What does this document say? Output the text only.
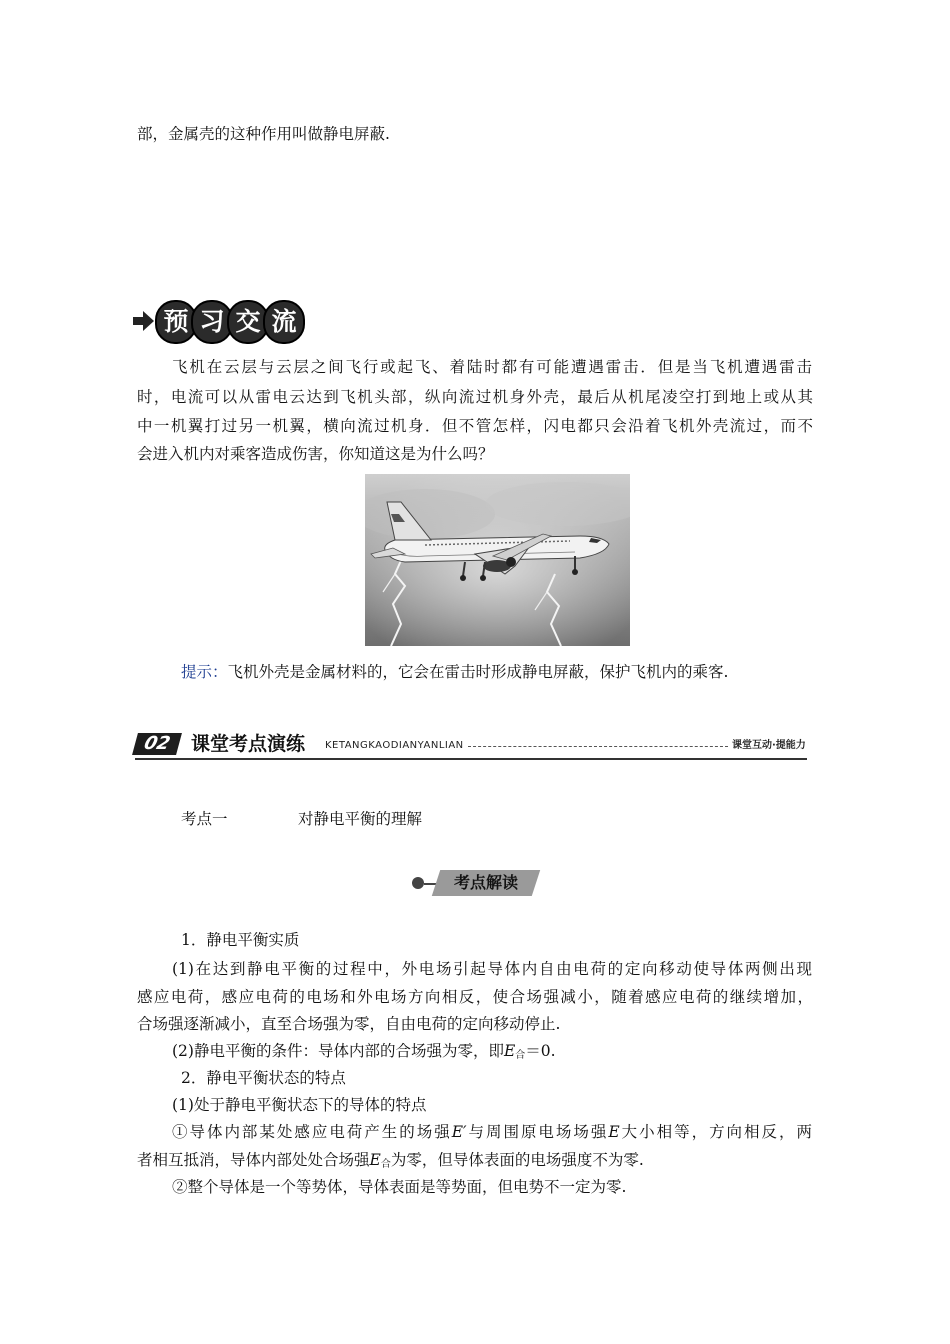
部，金属壳的这种作用叫做静电屏蔽.
预 习 交 流
飞机在云层与云层之间飞行或起飞、着陆时都有可能遭遇雷击．但是当飞机遭遇雷击
时，电流可以从雷电云达到飞机头部，纵向流过机身外壳，最后从机尾凌空打到地上或从其
中一机翼打过另一机翼，横向流过机身．但不管怎样，闪电都只会沿着飞机外壳流过，而不
会进入机内对乘客造成伤害，你知道这是为什么吗？
提示：飞机外壳是金属材料的，它会在雷击时形成静电屏蔽，保护飞机内的乘客.
02 课堂考点演练 KETANGKAODIANYANLIAN	课堂互动·提能力
考点一	对静电平衡的理解
考点解读
1．静电平衡实质
(1)在达到静电平衡的过程中，外电场引起导体内自由电荷的定向移动使导体两侧出现
感应电荷，感应电荷的电场和外电场方向相反，使合场强减小，随着感应电荷的继续增加，
合场强逐渐减小，直至合场强为零，自由电荷的定向移动停止.
(2)静电平衡的条件：导体内部的合场强为零，即$E_合=0$.
2．静电平衡状态的特点
(1)处于静电平衡状态下的导体的特点
①导体内部某处感应电荷产生的场强E′与周围原电场场强E大小相等，方向相反，两
者相互抵消，导体内部处处合场强$E_合$为零，但导体表面的电场强度不为零.
②整个导体是一个等势体，导体表面是等势面，但电势不一定为零.
